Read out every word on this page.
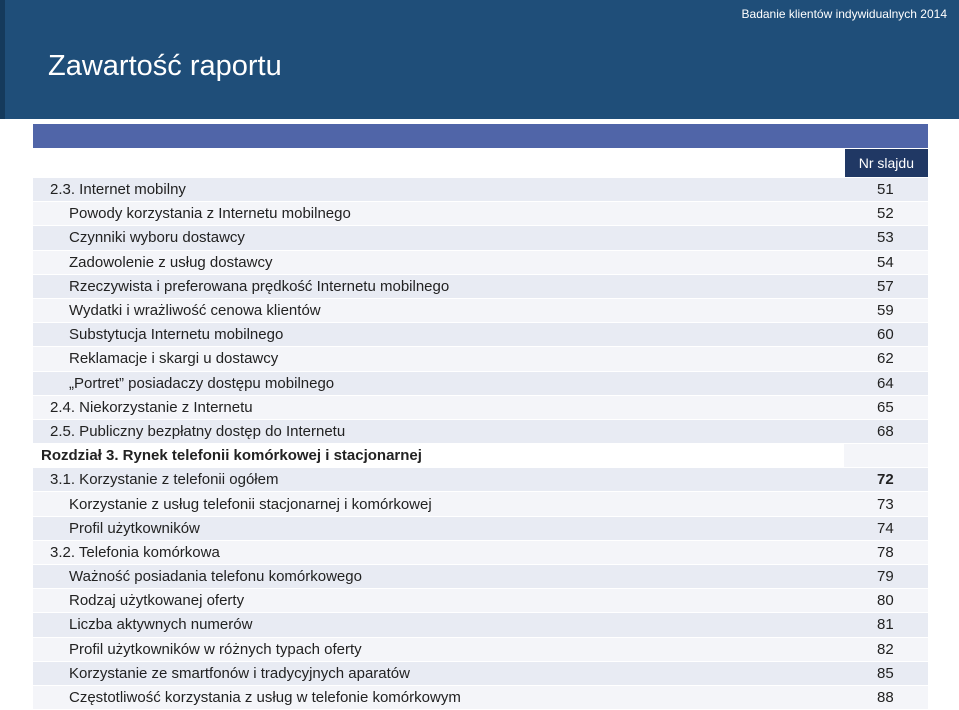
Badanie klientów indywidualnych 2014
Zawartość raportu

	Nr slajdu
2.3. Internet mobilny	51
Powody korzystania z Internetu mobilnego	52
Czynniki wyboru dostawcy	53
Zadowolenie z usług dostawcy	54
Rzeczywista i preferowana prędkość Internetu mobilnego	57
Wydatki i wrażliwość cenowa klientów	59
Substytucja Internetu mobilnego	60
Reklamacje i skargi u dostawcy	62
„Portret” posiadaczy dostępu mobilnego	64
2.4. Niekorzystanie z Internetu	65
2.5. Publiczny bezpłatny dostęp do Internetu	68
Rozdział 3. Rynek telefonii komórkowej i stacjonarnej	
3.1. Korzystanie z telefonii ogółem	72
Korzystanie z usług telefonii stacjonarnej i komórkowej	73
Profil użytkowników	74
3.2. Telefonia komórkowa	78
Ważność posiadania telefonu komórkowego	79
Rodzaj użytkowanej oferty	80
Liczba aktywnych numerów	81
Profil użytkowników w różnych typach oferty	82
Korzystanie ze smartfonów i tradycyjnych aparatów	85
Częstotliwość korzystania z usług w telefonie komórkowym	88
